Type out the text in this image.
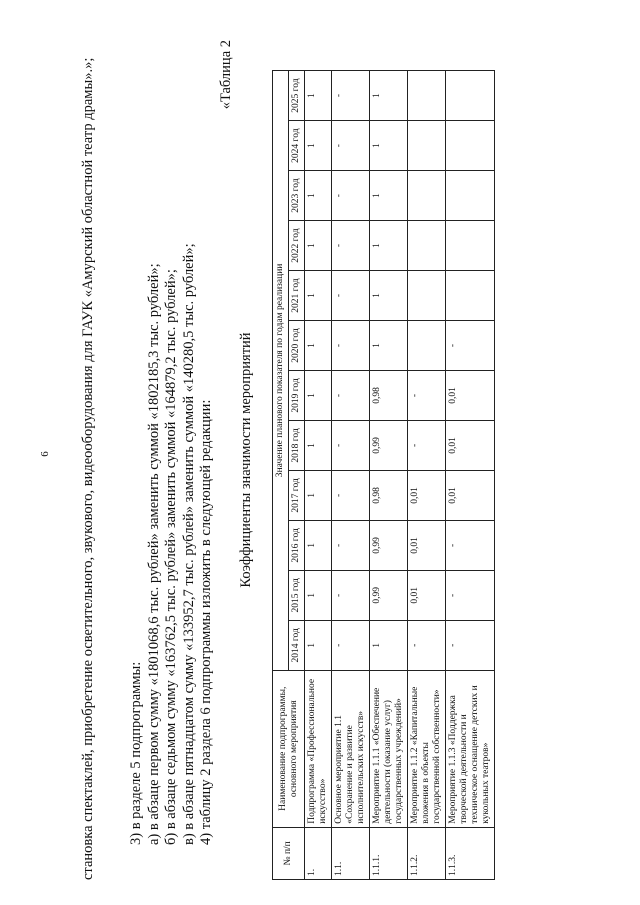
6 становка спектаклей, приобретение осветительного, звукового, видеооборудования для ГАУК «Амурский областной театр драмы».»; 3) в разделе 5 подпрограммы: а) в абзаце первом сумму «1801068,6 тыс. рублей» заменить суммой «1802185,3 тыс. рублей»; б) в абзаце седьмом сумму «163762,5 тыс. рублей» заменить суммой «164879,2 тыс. рублей»; в) в абзаце пятнадцатом сумму «133952,7 тыс. рублей» заменить суммой «140280,5 тыс. рублей»; 4) таблицу 2 раздела 6 подпрограммы изложить в следующей редакции:
«Таблица 2
Коэффициенты значимости мероприятий
№ п/п	Наименование подпрограммы, основного мероприятия	Значение планового показателя по годам реализации											
		2014 год	2015 год	2016 год	2017 год	2018 год	2019 год	2020 год	2021 год	2022 год	2023 год	2024 год	2025 год
1.	Подпрограмма «Профессиональное искусство»	1	1	1	1	1	1	1	1	1	1	1	1
1.1.	Основное мероприятие 1.1 «Сохранение и развитие исполнительских искусств»	-	-	-	-	-	-	-	-	-	-	-	-
1.1.1.	Мероприятие 1.1.1 «Обеспечение деятельности (оказание услуг) государственных учреждений»	1	0,99	0,99	0,98	0,99	0,98	1	1	1	1	1	1
1.1.2.	Мероприятие 1.1.2 «Капитальные вложения в объекты государственной собственности»	-	0,01	0,01	0,01	-	-						
1.1.3.	Мероприятие 1.1.3 «Поддержка творческой деятельности и техническое оснащение детских и кукольных театров»	-	-	-	0,01	0,01	0,01	-					
